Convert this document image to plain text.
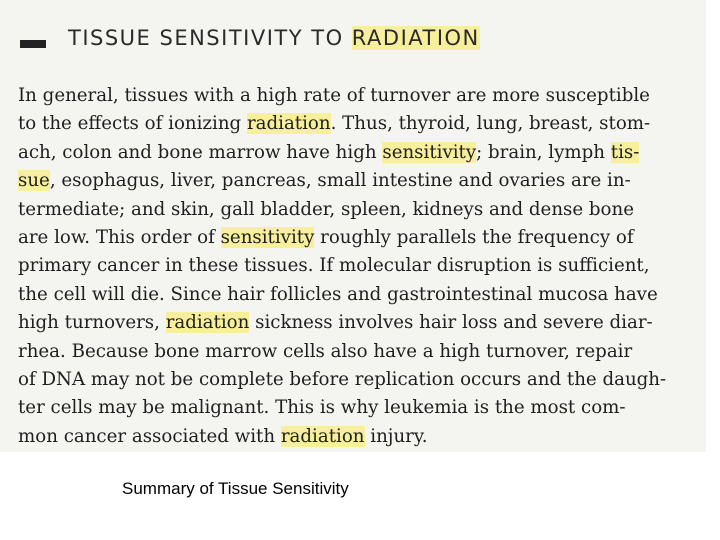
TISSUE SENSITIVITY TO RADIATION
In general, tissues with a high rate of turnover are more susceptible
to the effects of ionizing radiation. Thus, thyroid, lung, breast, stom-
ach, colon and bone marrow have high sensitivity; brain, lymph tis-
sue, esophagus, liver, pancreas, small intestine and ovaries are in-
termediate; and skin, gall bladder, spleen, kidneys and dense bone
are low. This order of sensitivity roughly parallels the frequency of
primary cancer in these tissues. If molecular disruption is sufficient,
the cell will die. Since hair follicles and gastrointestinal mucosa have
high turnovers, radiation sickness involves hair loss and severe diar-
rhea. Because bone marrow cells also have a high turnover, repair
of DNA may not be complete before replication occurs and the daugh-
ter cells may be malignant. This is why leukemia is the most com-
mon cancer associated with radiation injury.
Summary of Tissue Sensitivity
